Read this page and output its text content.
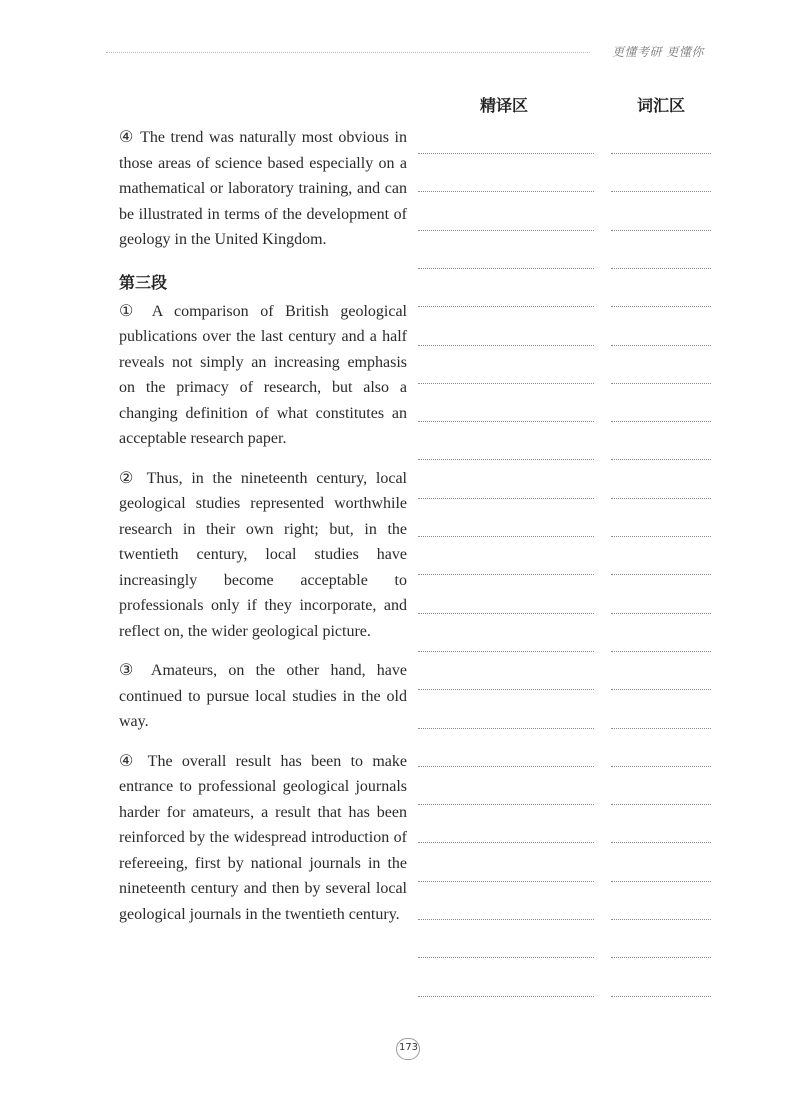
更懂考研 更懂你
精译区	词汇区

④ The trend was naturally most obvious in those areas of science based especially on a mathematical or laboratory training, and can be illustrated in terms of the development of geology in the United Kingdom.

第三段

① A comparison of British geological publications over the last century and a half reveals not simply an increasing emphasis on the primacy of research, but also a changing definition of what constitutes an acceptable research paper.

② Thus, in the nineteenth century, local geological studies represented worthwhile research in their own right; but, in the twentieth century, local studies have increasingly become acceptable to professionals only if they incorporate, and reflect on, the wider geological picture.

③ Amateurs, on the other hand, have continued to pursue local studies in the old way.

④ The overall result has been to make entrance to professional geological journals harder for amateurs, a result that has been reinforced by the widespread introduction of refereeing, first by national journals in the nineteenth century and then by several local geological journals in the twentieth century.

173
